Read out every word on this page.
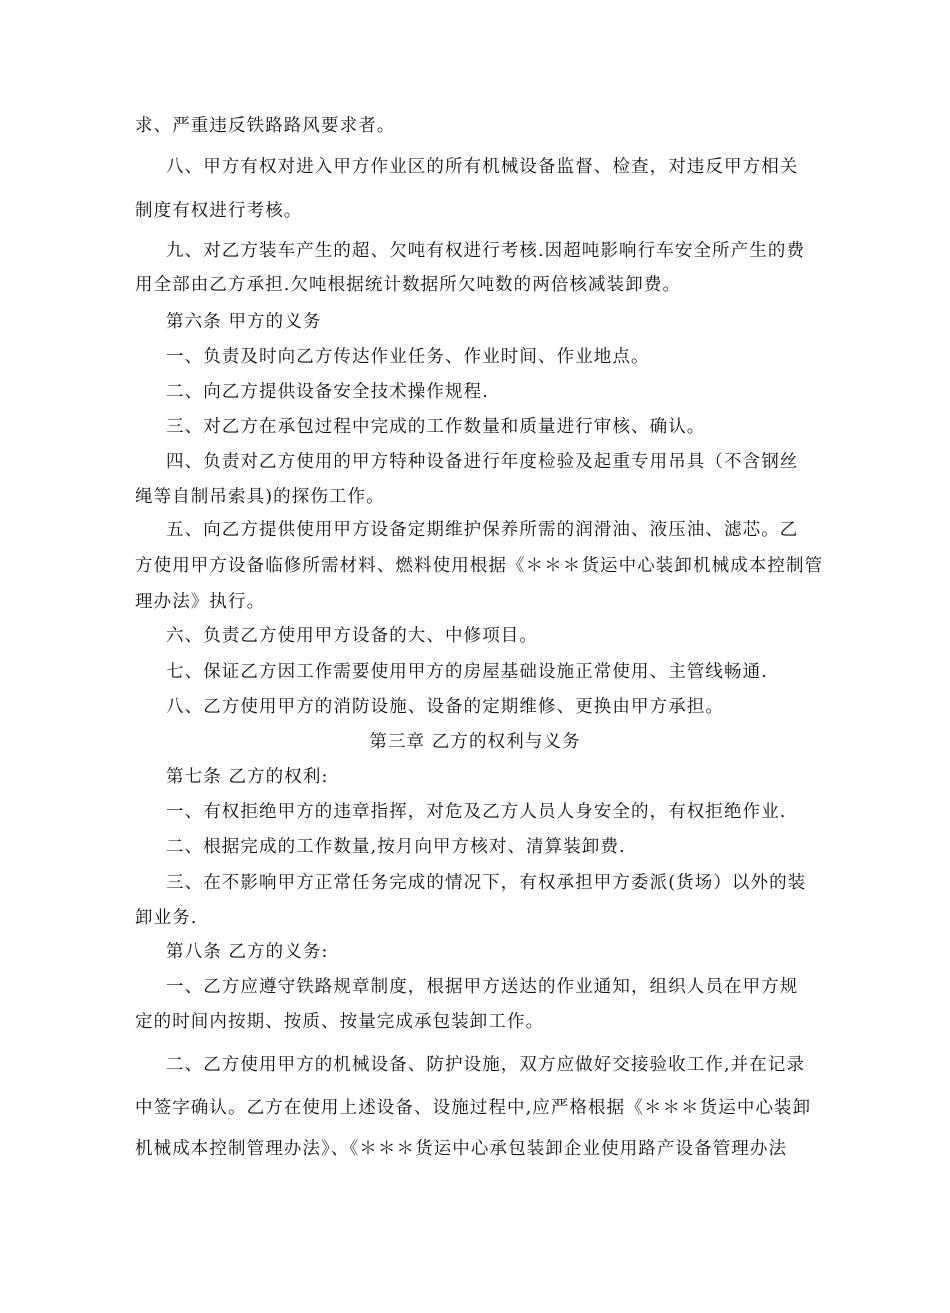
求、严重违反铁路路风要求者。
八、甲方有权对进入甲方作业区的所有机械设备监督、检查，对违反甲方相关
制度有权进行考核。
九、对乙方装车产生的超、欠吨有权进行考核.因超吨影响行车安全所产生的费
用全部由乙方承担.欠吨根据统计数据所欠吨数的两倍核减装卸费。
第六条 甲方的义务
一、负责及时向乙方传达作业任务、作业时间、作业地点。
二、向乙方提供设备安全技术操作规程.
三、对乙方在承包过程中完成的工作数量和质量进行审核、确认。
四、负责对乙方使用的甲方特种设备进行年度检验及起重专用吊具（不含钢丝
绳等自制吊索具)的探伤工作。
五、向乙方提供使用甲方设备定期维护保养所需的润滑油、液压油、滤芯。乙
方使用甲方设备临修所需材料、燃料使用根据《＊＊＊货运中心装卸机械成本控制管
理办法》执行。
六、负责乙方使用甲方设备的大、中修项目。
七、保证乙方因工作需要使用甲方的房屋基础设施正常使用、主管线畅通.
八、乙方使用甲方的消防设施、设备的定期维修、更换由甲方承担。
第三章 乙方的权利与义务
第七条 乙方的权利:
一、有权拒绝甲方的违章指挥，对危及乙方人员人身安全的，有权拒绝作业.
二、根据完成的工作数量,按月向甲方核对、清算装卸费.
三、在不影响甲方正常任务完成的情况下，有权承担甲方委派(货场）以外的装
卸业务.
第八条 乙方的义务:
一、乙方应遵守铁路规章制度，根据甲方送达的作业通知，组织人员在甲方规
定的时间内按期、按质、按量完成承包装卸工作。
二、乙方使用甲方的机械设备、防护设施，双方应做好交接验收工作,并在记录
中签字确认。乙方在使用上述设备、设施过程中,应严格根据《＊＊＊货运中心装卸
机械成本控制管理办法》、《＊＊＊货运中心承包装卸企业使用路产设备管理办法
